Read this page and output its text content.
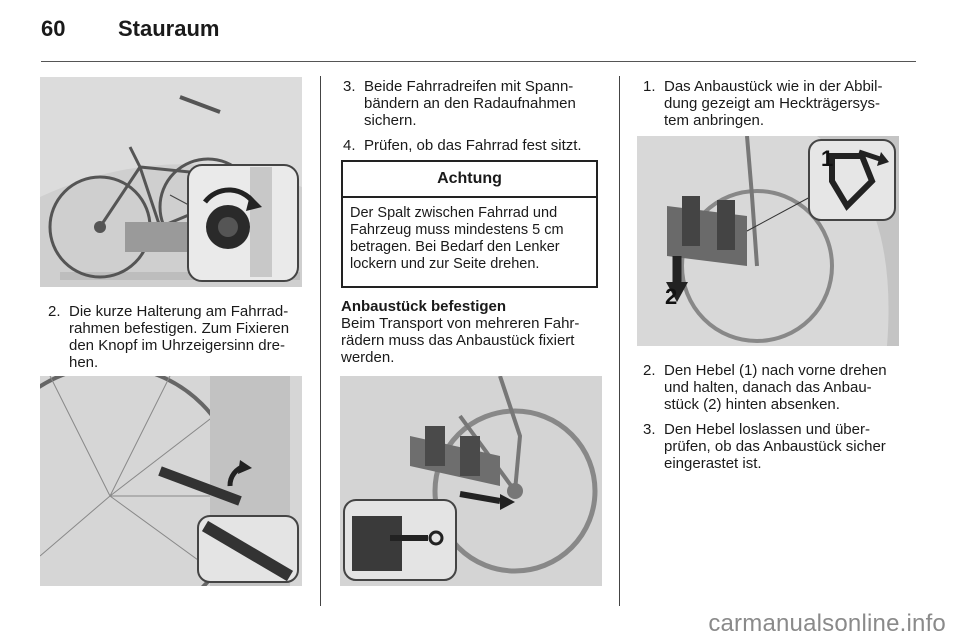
60 Stauraum
2. Die kurze Halterung am Fahrrad-
rahmen befestigen. Zum Fixieren
den Knopf im Uhrzeigersinn dre-
hen.
3. Beide Fahrradreifen mit Spann-
bändern an den Radaufnahmen
sichern.
4. Prüfen, ob das Fahrrad fest sitzt.
Achtung
Der Spalt zwischen Fahrrad und
Fahrzeug muss mindestens 5 cm
betragen. Bei Bedarf den Lenker
lockern und zur Seite drehen.
Anbaustück befestigen
Beim Transport von mehreren Fahr-
rädern muss das Anbaustück fixiert
werden.
1. Das Anbaustück wie in der Abbil-
dung gezeigt am Heckträgersys-
tem anbringen.
1
2
2. Den Hebel (1) nach vorne drehen
und halten, danach das Anbau-
stück (2) hinten absenken.
3. Den Hebel loslassen und über-
prüfen, ob das Anbaustück sicher
eingerastet ist.
carmanualsonline.info
